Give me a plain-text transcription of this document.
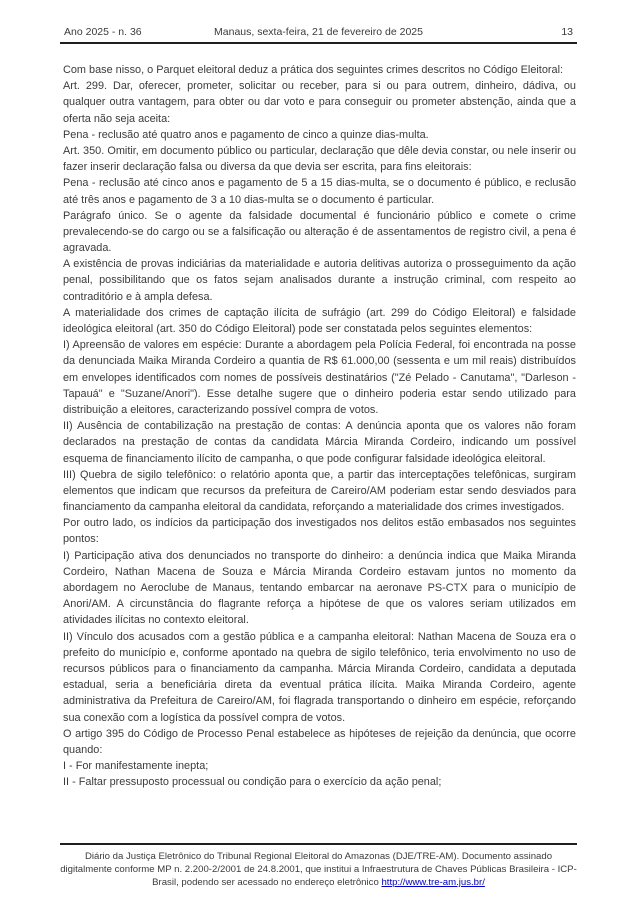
Ano 2025 - n. 36	Manaus, sexta-feira, 21 de fevereiro de 2025	13

Com base nisso, o Parquet eleitoral deduz a prática dos seguintes crimes descritos no Código Eleitoral:

Art. 299. Dar, oferecer, prometer, solicitar ou receber, para si ou para outrem, dinheiro, dádiva, ou qualquer outra vantagem, para obter ou dar voto e para conseguir ou prometer abstenção, ainda que a oferta não seja aceita:

Pena - reclusão até quatro anos e pagamento de cinco a quinze dias-multa.

Art. 350. Omitir, em documento público ou particular, declaração que dêle devia constar, ou nele inserir ou fazer inserir declaração falsa ou diversa da que devia ser escrita, para fins eleitorais:

Pena - reclusão até cinco anos e pagamento de 5 a 15 dias-multa, se o documento é público, e reclusão até três anos e pagamento de 3 a 10 dias-multa se o documento é particular.

Parágrafo único. Se o agente da falsidade documental é funcionário público e comete o crime prevalecendo-se do cargo ou se a falsificação ou alteração é de assentamentos de registro civil, a pena é agravada.

A existência de provas indiciárias da materialidade e autoria delitivas autoriza o prosseguimento da ação penal, possibilitando que os fatos sejam analisados durante a instrução criminal, com respeito ao contraditório e à ampla defesa.

A materialidade dos crimes de captação ilícita de sufrágio (art. 299 do Código Eleitoral) e falsidade ideológica eleitoral (art. 350 do Código Eleitoral) pode ser constatada pelos seguintes elementos:

I) Apreensão de valores em espécie: Durante a abordagem pela Polícia Federal, foi encontrada na posse da denunciada Maika Miranda Cordeiro a quantia de R$ 61.000,00 (sessenta e um mil reais) distribuídos em envelopes identificados com nomes de possíveis destinatários ("Zé Pelado - Canutama", "Darleson - Tapauá" e "Suzane/Anori"). Esse detalhe sugere que o dinheiro poderia estar sendo utilizado para distribuição a eleitores, caracterizando possível compra de votos.

II) Ausência de contabilização na prestação de contas: A denúncia aponta que os valores não foram declarados na prestação de contas da candidata Márcia Miranda Cordeiro, indicando um possível esquema de financiamento ilícito de campanha, o que pode configurar falsidade ideológica eleitoral.

III) Quebra de sigilo telefônico: o relatório aponta que, a partir das interceptações telefônicas, surgiram elementos que indicam que recursos da prefeitura de Careiro/AM poderiam estar sendo desviados para financiamento da campanha eleitoral da candidata, reforçando a materialidade dos crimes investigados.

Por outro lado, os indícios da participação dos investigados nos delitos estão embasados nos seguintes pontos:

I) Participação ativa dos denunciados no transporte do dinheiro: a denúncia indica que Maika Miranda Cordeiro, Nathan Macena de Souza e Márcia Miranda Cordeiro estavam juntos no momento da abordagem no Aeroclube de Manaus, tentando embarcar na aeronave PS-CTX para o município de Anori/AM. A circunstância do flagrante reforça a hipótese de que os valores seriam utilizados em atividades ilícitas no contexto eleitoral.

II) Vínculo dos acusados com a gestão pública e a campanha eleitoral: Nathan Macena de Souza era o prefeito do município e, conforme apontado na quebra de sigilo telefônico, teria envolvimento no uso de recursos públicos para o financiamento da campanha. Márcia Miranda Cordeiro, candidata a deputada estadual, seria a beneficiária direta da eventual prática ilícita. Maika Miranda Cordeiro, agente administrativa da Prefeitura de Careiro/AM, foi flagrada transportando o dinheiro em espécie, reforçando sua conexão com a logística da possível compra de votos.

O artigo 395 do Código de Processo Penal estabelece as hipóteses de rejeição da denúncia, que ocorre quando:

I - For manifestamente inepta;

II - Faltar pressuposto processual ou condição para o exercício da ação penal;

Diário da Justiça Eletrônico do Tribunal Regional Eleitoral do Amazonas (DJE/TRE-AM). Documento assinado digitalmente conforme MP n. 2.200-2/2001 de 24.8.2001, que institui a Infraestrutura de Chaves Públicas Brasileira - ICP-Brasil, podendo ser acessado no endereço eletrônico http://www.tre-am.jus.br/
